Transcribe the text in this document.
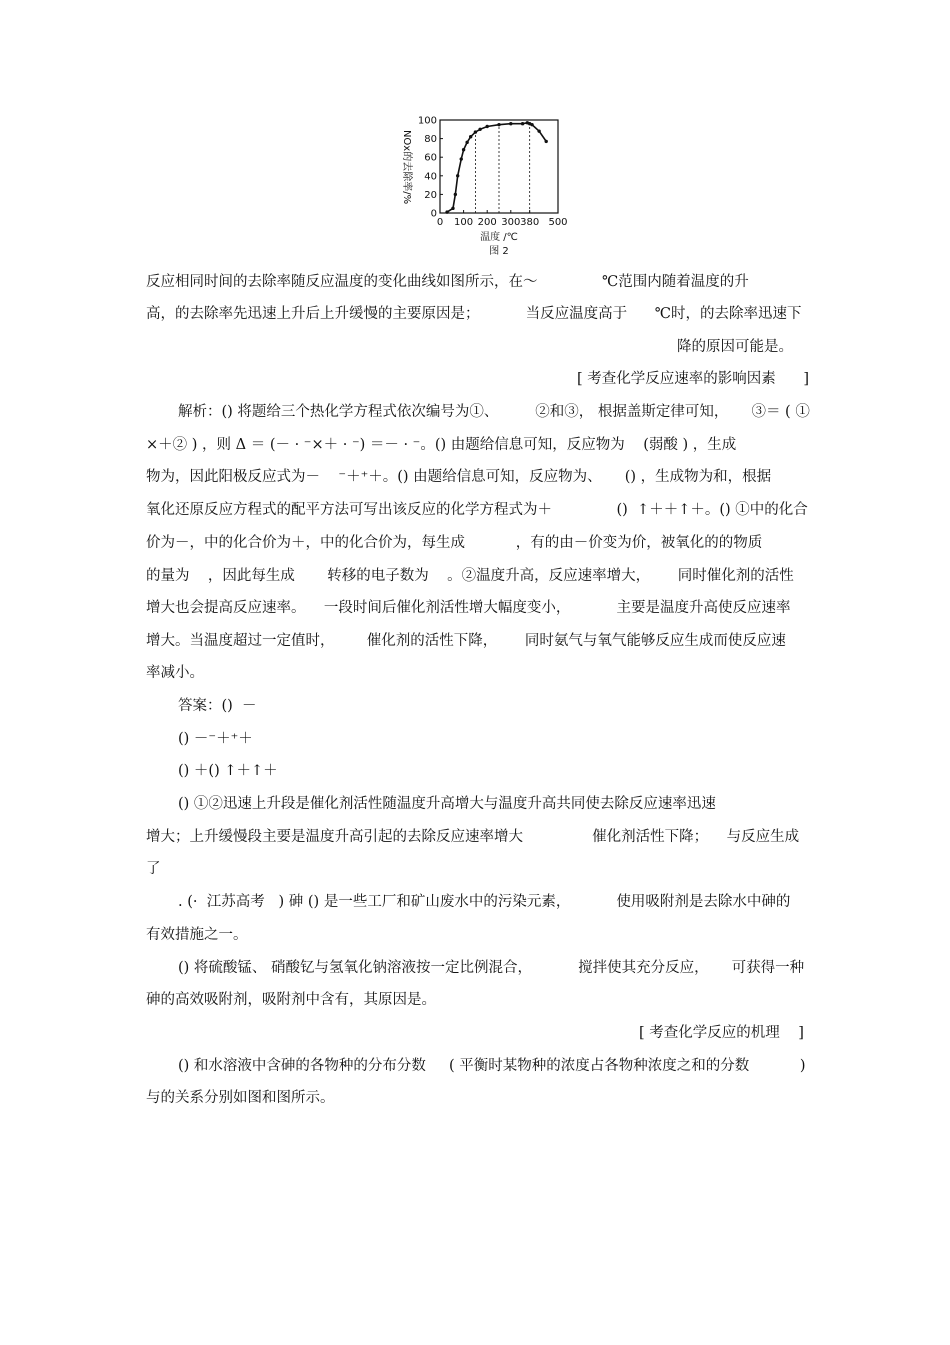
0
20
40
60
80
100
0 100 200 300 380 500
NOx的去除率/%
温度 /℃
图 2
反应相同时间的去除率随反应温度的变化曲线如图所示，在～              ℃范围内随着温度的升
高，的去除率先迅速上升后上升缓慢的主要原因是；          当反应温度高于      ℃时，的去除率迅速下
降的原因可能是。
[ 考查化学反应速率的影响因素      ]
解析：() 将题给三个热化学方程式依次编号为①、        ②和③， 根据盖斯定律可知，     ③＝ ( ①
×＋② ) ，则 Δ ＝ (－ · ⁻×＋ · ⁻) ＝－ · ⁻。() 由题给信息可知，反应物为    (弱酸 ) ，生成
物为，因此阳极反应式为－    ⁻＋⁺＋。() 由题给信息可知，反应物为、     () ，生成物为和，根据
氧化还原反应方程式的配平方法可写出该反应的化学方程式为＋              ()  ↑＋＋↑＋。() ①中的化合
价为－，中的化合价为＋，中的化合价为，每生成           ，有的由－价变为价，被氧化的的物质
的量为    ，因此每生成       转移的电子数为    。②温度升高，反应速率增大，      同时催化剂的活性
增大也会提高反应速率。    一段时间后催化剂活性增大幅度变小，          主要是温度升高使反应速率
增大。当温度超过一定值时，       催化剂的活性下降，      同时氨气与氧气能够反应生成而使反应速
率减小。
答案：()  －
() －⁻＋⁺＋
() ＋() ↑＋↑＋
() ①②迅速上升段是催化剂活性随温度升高增大与温度升高共同使去除反应速率迅速
增大；上升缓慢段主要是温度升高引起的去除反应速率增大               催化剂活性下降；    与反应生成
了
. (·  江苏高考   ) 砷 () 是一些工厂和矿山废水中的污染元素，          使用吸附剂是去除水中砷的
有效措施之一。
() 将硫酸锰、 硝酸钇与氢氧化钠溶液按一定比例混合，          搅拌使其充分反应，     可获得一种
砷的高效吸附剂，吸附剂中含有，其原因是。
[ 考查化学反应的机理    ]
() 和水溶液中含砷的各物种的分布分数     ( 平衡时某物种的浓度占各物种浓度之和的分数           )
与的关系分别如图和图所示。
